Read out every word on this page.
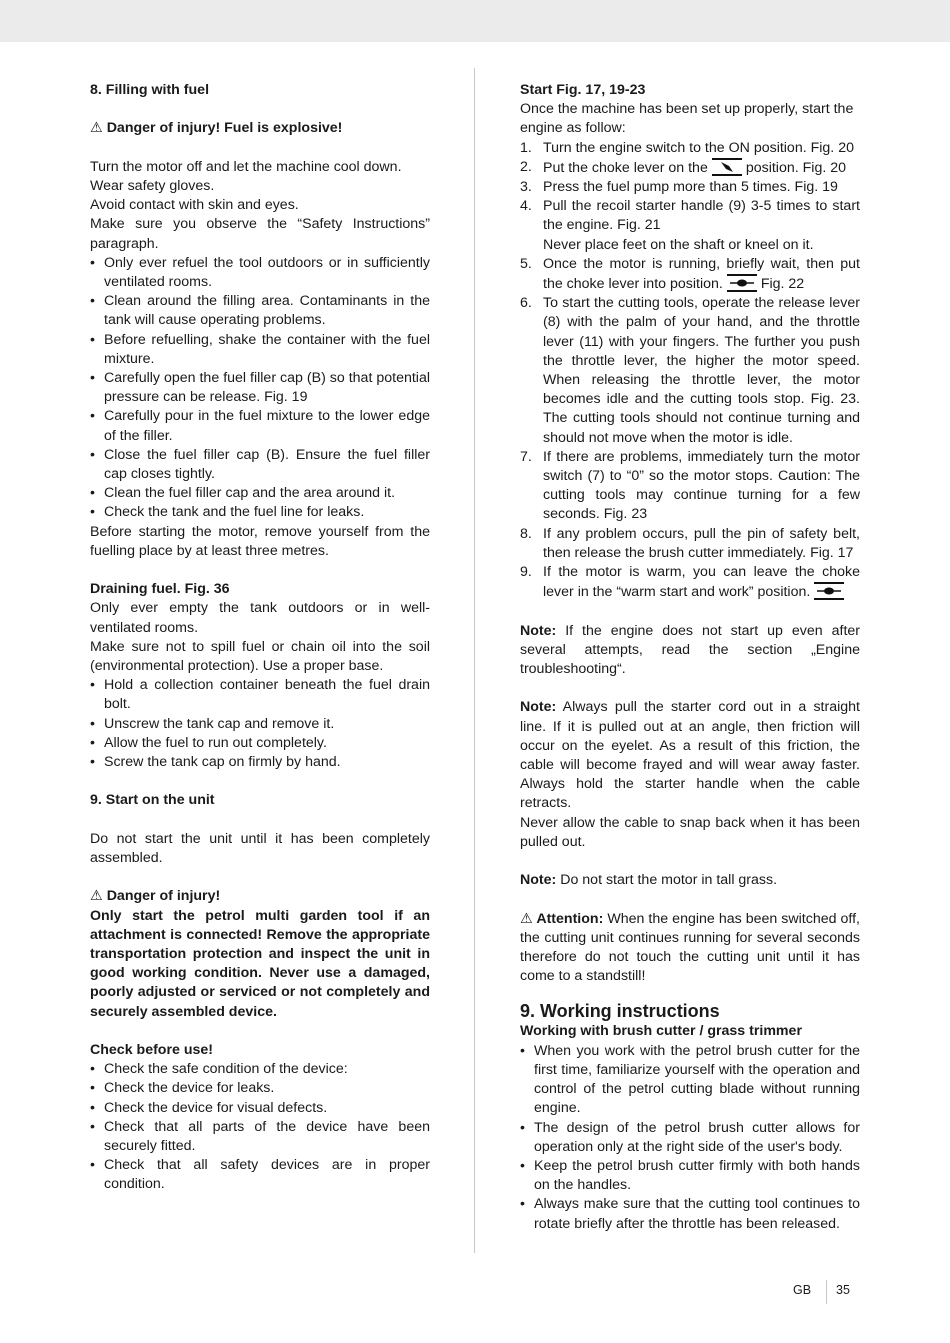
8. Filling with fuel

⚠ Danger of injury! Fuel is explosive!

Turn the motor off and let the machine cool down.

Wear safety gloves.

Avoid contact with skin and eyes.

Make sure you observe the “Safety Instructions” paragraph.

• Only ever refuel the tool outdoors or in sufficiently ventilated rooms.
• Clean around the filling area. Contaminants in the tank will cause operating problems.
• Before refuelling, shake the container with the fuel mixture.
• Carefully open the fuel filler cap (B) so that potential pressure can be release. Fig. 19
• Carefully pour in the fuel mixture to the lower edge of the filler.
• Close the fuel filler cap (B). Ensure the fuel filler cap closes tightly.
• Clean the fuel filler cap and the area around it.
• Check the tank and the fuel line for leaks.

Before starting the motor, remove yourself from the fuelling place by at least three metres.

Draining fuel. Fig. 36

Only ever empty the tank outdoors or in well-ventilated rooms.

Make sure not to spill fuel or chain oil into the soil (environmental protection). Use a proper base.

• Hold a collection container beneath the fuel drain bolt.
• Unscrew the tank cap and remove it.
• Allow the fuel to run out completely.
• Screw the tank cap on firmly by hand.

9. Start on the unit

Do not start the unit until it has been completely assembled.

⚠ Danger of injury!

Only start the petrol multi garden tool if an attachment is connected! Remove the appropriate transportation protection and inspect the unit in good working condition. Never use a damaged, poorly adjusted or serviced or not completely and securely assembled device.

Check before use!

• Check the safe condition of the device:
• Check the device for leaks.
• Check the device for visual defects.
• Check that all parts of the device have been securely fitted.
• Check that all safety devices are in proper condition.

Start Fig. 17, 19-23

Once the machine has been set up properly, start the engine as follow:

1. Turn the engine switch to the ON position. Fig. 20
2. Put the choke lever on the	position. Fig. 20
3. Press the fuel pump more than 5 times. Fig. 19
4. Pull the recoil starter handle (9) 3-5 times to start the engine. Fig. 21
Never place feet on the shaft or kneel on it.
5. Once the motor is running, briefly wait, then put the choke lever into position.	Fig. 22
6. To start the cutting tools, operate the release lever (8) with the palm of your hand, and the throttle lever (11) with your fingers. The further you push the throttle lever, the higher the motor speed. When releasing the throttle lever, the motor becomes idle and the cutting tools stop. Fig. 23. The cutting tools should not continue turning and should not move when the motor is idle.
7. If there are problems, immediately turn the motor switch (7) to “0” so the motor stops. Caution: The cutting tools may continue turning for a few seconds. Fig. 23
8. If any problem occurs, pull the pin of safety belt, then release the brush cutter immediately. Fig. 17
9. If the motor is warm, you can leave the choke lever in the “warm start and work” position.

Note: If the engine does not start up even after several attempts, read the section „Engine troubleshooting“.

Note: Always pull the starter cord out in a straight line. If it is pulled out at an angle, then friction will occur on the eyelet. As a result of this friction, the cable will become frayed and will wear away faster. Always hold the starter handle when the cable retracts.

Never allow the cable to snap back when it has been pulled out.

Note: Do not start the motor in tall grass.

⚠ Attention: When the engine has been switched off, the cutting unit continues running for several seconds therefore do not touch the cutting unit until it has come to a standstill!

9. Working instructions

Working with brush cutter / grass trimmer

• When you work with the petrol brush cutter for the first time, familiarize yourself with the operation and control of the petrol cutting blade without running engine.
• The design of the petrol brush cutter allows for operation only at the right side of the user's body.
• Keep the petrol brush cutter firmly with both hands on the handles.
• Always make sure that the cutting tool continues to rotate briefly after the throttle has been released.
GB 35
